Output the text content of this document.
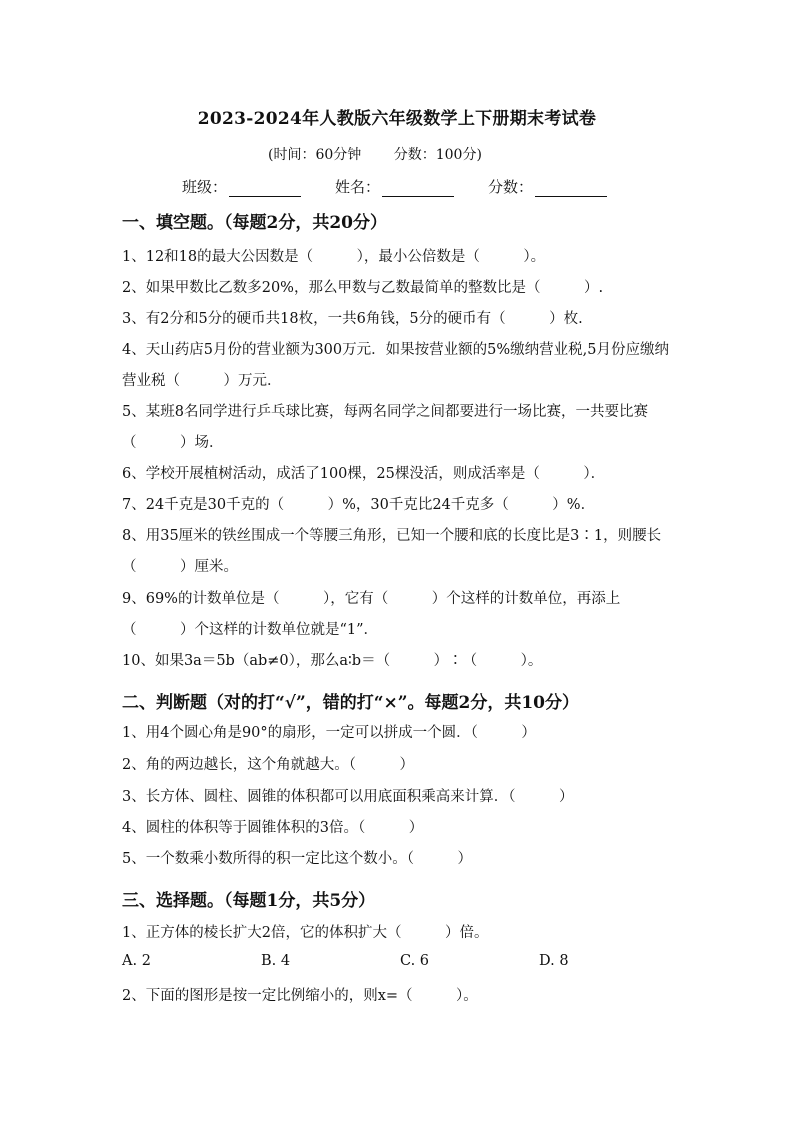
2023-2024年人教版六年级数学上下册期末考试卷
(时间：60分钟 分数：100分)
班级：	姓名：	分数：
一、填空题。（每题2分，共20分）
1、12和18的最大公因数是（　　　），最小公倍数是（　　　）。
2、如果甲数比乙数多20%，那么甲数与乙数最简单的整数比是（　　　）.
3、有2分和5分的硬币共18枚，一共6角钱，5分的硬币有（　　　）枚.
4、天山药店5月份的营业额为300万元．如果按营业额的5%缴纳营业税,5月份应缴纳营业税（　　　）万元．
5、某班8名同学进行乒乓球比赛，每两名同学之间都要进行一场比赛，一共要比赛（　　　）场．
6、学校开展植树活动，成活了100棵，25棵没活，则成活率是（　　　）．
7、24千克是30千克的（　　　）%，30千克比24千克多（　　　）%．
8、用35厘米的铁丝围成一个等腰三角形，已知一个腰和底的长度比是3∶1，则腰长（　　　）厘米。
9、69%的计数单位是（　　　），它有（　　　）个这样的计数单位，再添上（　　　）个这样的计数单位就是“1”．
10、如果3a＝5b（ab≠0），那么a∶b＝（　　　）∶（　　　）。
二、判断题（对的打“√”，错的打“×”。每题2分，共10分）
1、用4个圆心角是90°的扇形，一定可以拼成一个圆．（　　　）
2、角的两边越长，这个角就越大。（　　　）
3、长方体、圆柱、圆锥的体积都可以用底面积乘高来计算．（　　　）
4、圆柱的体积等于圆锥体积的3倍。（　　　）
5、一个数乘小数所得的积一定比这个数小。（　　　）
三、选择题。（每题1分，共5分）
1、正方体的棱长扩大2倍，它的体积扩大（　　　）倍。
A. 2	B. 4	C. 6	D. 8
2、下面的图形是按一定比例缩小的，则x=（　　　）。
